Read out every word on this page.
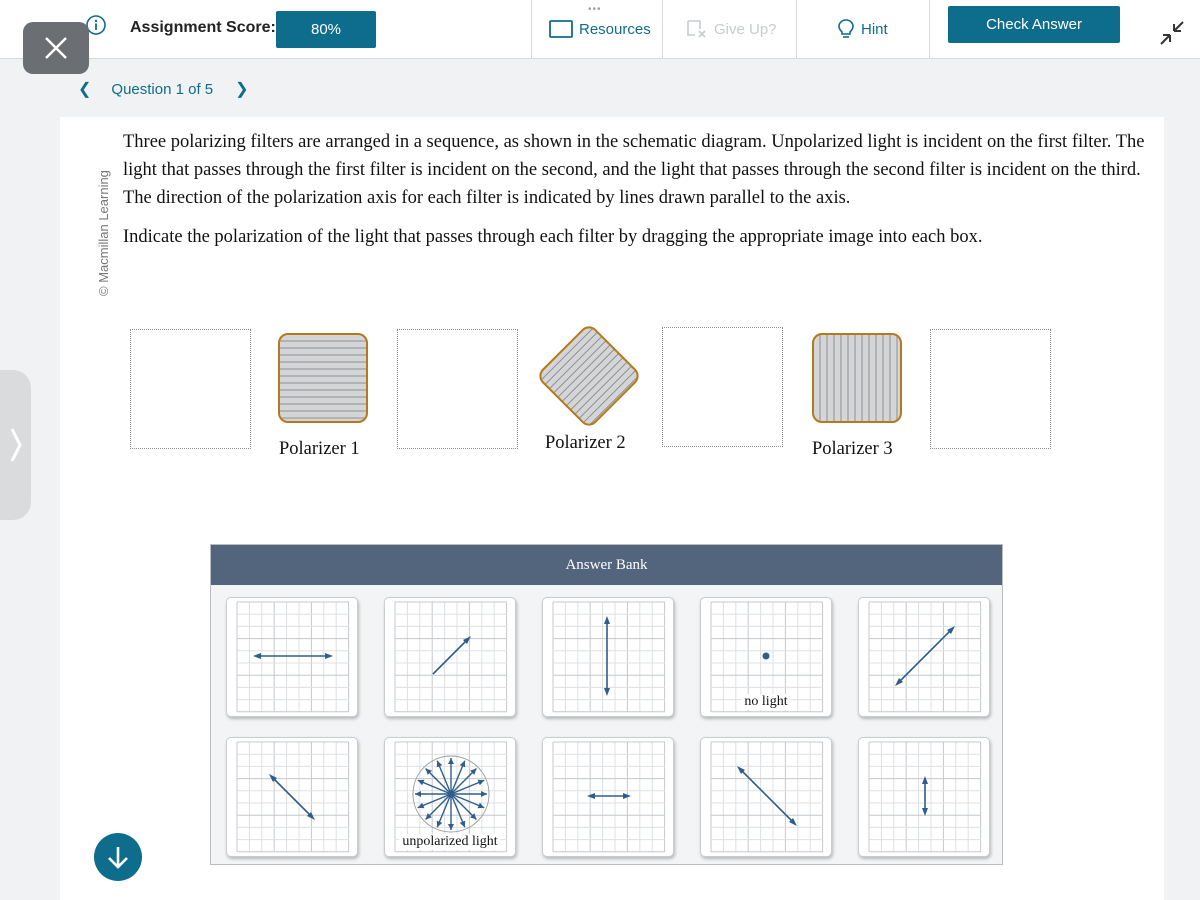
Assignment Score:	80%
•••
Resources	Give Up?	Hint	Check Answer
❮ Question 1 of 5 ❯
© Macmillan Learning

Three polarizing filters are arranged in a sequence, as shown in the schematic diagram. Unpolarized light is incident on the first filter. The light that passes through the first filter is incident on the second, and the light that passes through the second filter is incident on the third. The direction of the polarization axis for each filter is indicated by lines drawn parallel to the axis.

Indicate the polarization of the light that passes through each filter by dragging the appropriate image into each box.

Polarizer 1	Polarizer 2	Polarizer 3
Answer Bank
no light
unpolarized light
